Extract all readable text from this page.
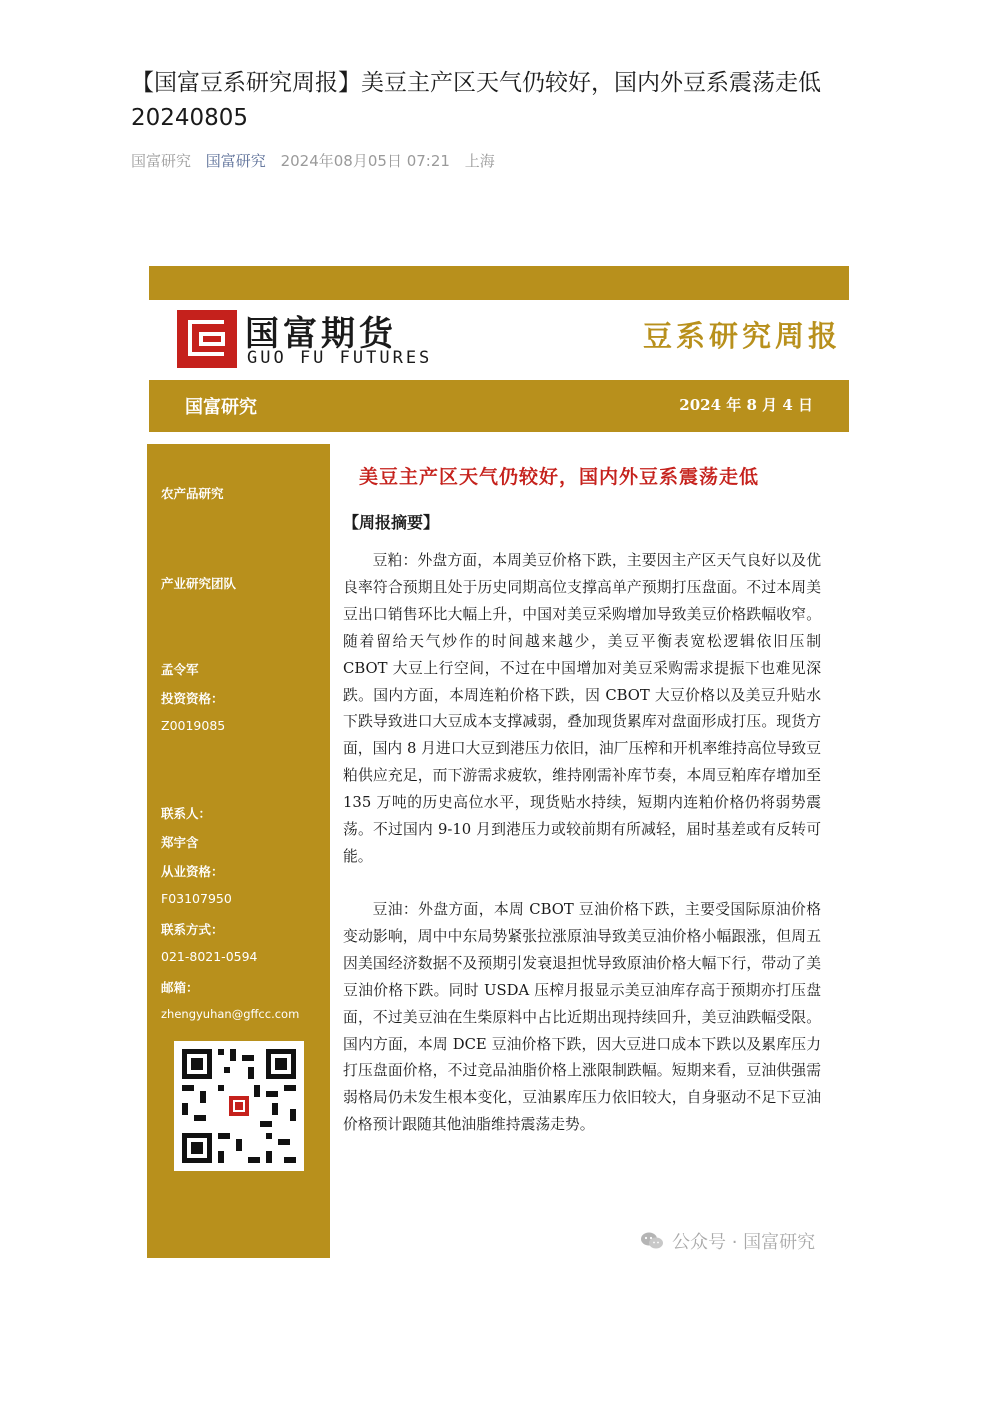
【国富豆系研究周报】美豆主产区天气仍较好，国内外豆系震荡走低20240805
国富研究 国富研究 2024年08月05日 07:21 上海
国富期货
GUO FU FUTURES
豆系研究周报
国富研究	2024 年 8 月 4 日
农产品研究
产业研究团队
孟令军
投资资格：
Z0019085
联系人：
郑宇含
从业资格：
F03107950
联系方式：
021-8021-0594
邮箱：
zhengyuhan@gffcc.com
美豆主产区天气仍较好，国内外豆系震荡走低
【周报摘要】

豆粕：外盘方面，本周美豆价格下跌，主要因主产区天气良好以及优良率符合预期且处于历史同期高位支撑高单产预期打压盘面。不过本周美豆出口销售环比大幅上升，中国对美豆采购增加导致美豆价格跌幅收窄。随着留给天气炒作的时间越来越少，美豆平衡表宽松逻辑依旧压制 CBOT 大豆上行空间，不过在中国增加对美豆采购需求提振下也难见深跌。国内方面，本周连粕价格下跌，因 CBOT 大豆价格以及美豆升贴水下跌导致进口大豆成本支撑减弱，叠加现货累库对盘面形成打压。现货方面，国内 8 月进口大豆到港压力依旧，油厂压榨和开机率维持高位导致豆粕供应充足，而下游需求疲软，维持刚需补库节奏，本周豆粕库存增加至 135 万吨的历史高位水平，现货贴水持续，短期内连粕价格仍将弱势震荡。不过国内 9-10 月到港压力或较前期有所减轻，届时基差或有反转可能。

豆油：外盘方面，本周 CBOT 豆油价格下跌，主要受国际原油价格变动影响，周中中东局势紧张拉涨原油导致美豆油价格小幅跟涨，但周五因美国经济数据不及预期引发衰退担忧导致原油价格大幅下行，带动了美豆油价格下跌。同时 USDA 压榨月报显示美豆油库存高于预期亦打压盘面，不过美豆油在生柴原料中占比近期出现持续回升，美豆油跌幅受限。国内方面，本周 DCE 豆油价格下跌，因大豆进口成本下跌以及累库压力打压盘面价格，不过竞品油脂价格上涨限制跌幅。短期来看，豆油供强需弱格局仍未发生根本变化，豆油累库压力依旧较大，自身驱动不足下豆油价格预计跟随其他油脂维持震荡走势。

公众号 · 国富研究
